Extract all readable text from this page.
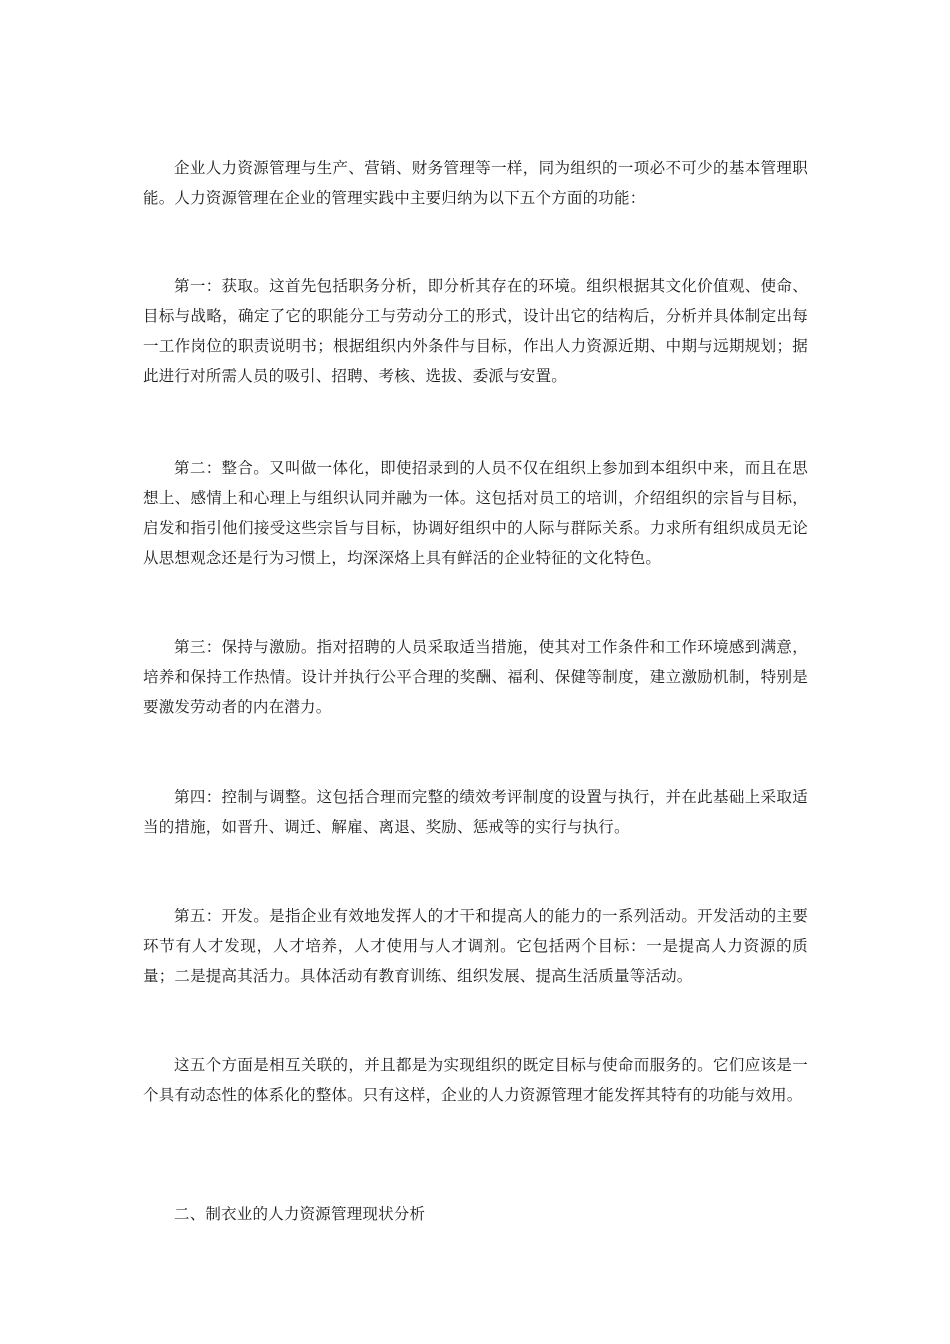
企业人力资源管理与生产、营销、财务管理等一样，同为组织的一项必不可少的基本管理职能。人力资源管理在企业的管理实践中主要归纳为以下五个方面的功能：

第一：获取。这首先包括职务分析，即分析其存在的环境。组织根据其文化价值观、使命、目标与战略，确定了它的职能分工与劳动分工的形式，设计出它的结构后，分析并具体制定出每一工作岗位的职责说明书；根据组织内外条件与目标，作出人力资源近期、中期与远期规划；据此进行对所需人员的吸引、招聘、考核、选拔、委派与安置。

第二：整合。又叫做一体化，即使招录到的人员不仅在组织上参加到本组织中来，而且在思想上、感情上和心理上与组织认同并融为一体。这包括对员工的培训，介绍组织的宗旨与目标，启发和指引他们接受这些宗旨与目标，协调好组织中的人际与群际关系。力求所有组织成员无论从思想观念还是行为习惯上，均深深烙上具有鲜活的企业特征的文化特色。

第三：保持与激励。指对招聘的人员采取适当措施，使其对工作条件和工作环境感到满意，培养和保持工作热情。设计并执行公平合理的奖酬、福利、保健等制度，建立激励机制，特别是要激发劳动者的内在潜力。

第四：控制与调整。这包括合理而完整的绩效考评制度的设置与执行，并在此基础上采取适当的措施，如晋升、调迁、解雇、离退、奖励、惩戒等的实行与执行。

第五：开发。是指企业有效地发挥人的才干和提高人的能力的一系列活动。开发活动的主要环节有人才发现，人才培养，人才使用与人才调剂。它包括两个目标：一是提高人力资源的质量；二是提高其活力。具体活动有教育训练、组织发展、提高生活质量等活动。

这五个方面是相互关联的，并且都是为实现组织的既定目标与使命而服务的。它们应该是一个具有动态性的体系化的整体。只有这样，企业的人力资源管理才能发挥其特有的功能与效用。

二、制衣业的人力资源管理现状分析
